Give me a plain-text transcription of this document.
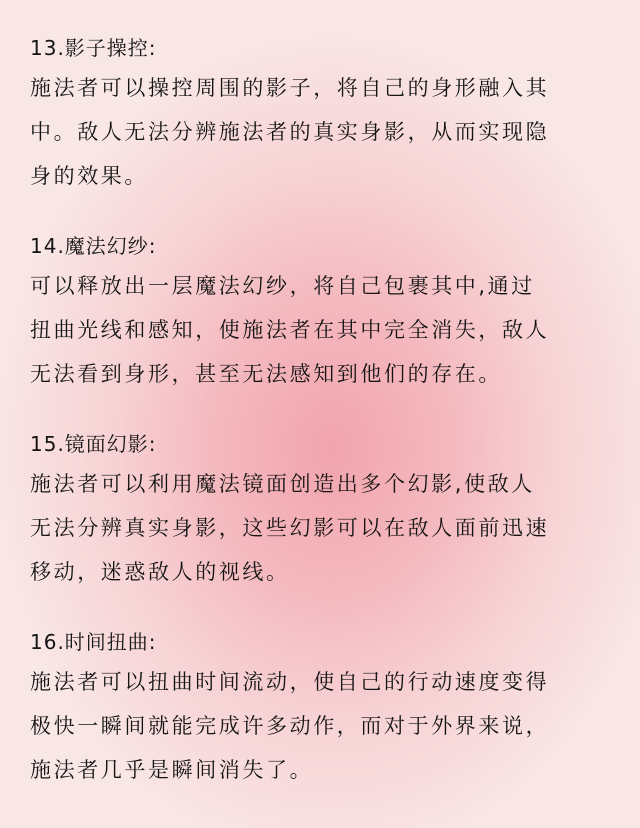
13.影子操控:
施法者可以操控周围的影子，将自己的身形融入其
中。敌人无法分辨施法者的真实身影，从而实现隐
身的效果。
14.魔法幻纱:
可以释放出一层魔法幻纱，将自己包裹其中,通过
扭曲光线和感知，使施法者在其中完全消失，敌人
无法看到身形，甚至无法感知到他们的存在。
15.镜面幻影:
施法者可以利用魔法镜面创造出多个幻影,使敌人
无法分辨真实身影，这些幻影可以在敌人面前迅速
移动，迷惑敌人的视线。
16.时间扭曲:
施法者可以扭曲时间流动，使自己的行动速度变得
极快一瞬间就能完成许多动作，而对于外界来说，
施法者几乎是瞬间消失了。
